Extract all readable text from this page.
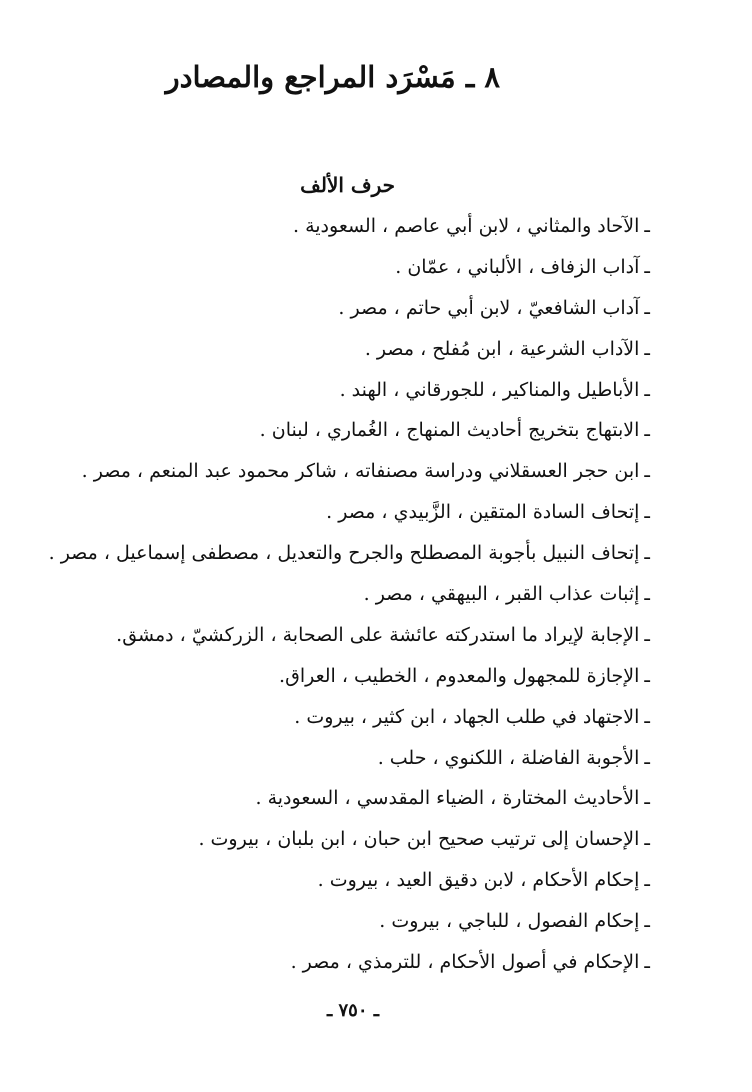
٨ ـ مَسْرَد المراجع والمصادر
حرف الألف
ـالآحاد والمثاني ، لابن أبي عاصم ، السعودية .
ـآداب الزفاف ، الألباني ، عمّان .
ـآداب الشافعيّ ، لابن أبي حاتم ، مصر .
ـالآداب الشرعية ، ابن مُفلح ، مصر .
ـالأباطيل والمناكير ، للجورقاني ، الهند .
ـالابتهاج بتخريج أحاديث المنهاج ، الغُماري ، لبنان .
ـابن حجر العسقلاني ودراسة مصنفاته ، شاكر محمود عبد المنعم ، مصر .
ـإتحاف السادة المتقين ، الزَّبيدي ، مصر .
ـإتحاف النبيل بأجوبة المصطلح والجرح والتعديل ، مصطفى إسماعيل ، مصر .
ـإثبات عذاب القبر ، البيهقي ، مصر .
ـالإجابة لإيراد ما استدركته عائشة على الصحابة ، الزركشيّ ، دمشق.
ـالإجازة للمجهول والمعدوم ، الخطيب ، العراق.
ـالاجتهاد في طلب الجهاد ، ابن كثير ، بيروت .
ـالأجوبة الفاضلة ، اللكنوي ، حلب .
ـالأحاديث المختارة ، الضياء المقدسي ، السعودية .
ـالإحسان إلى ترتيب صحيح ابن حبان ، ابن بلبان ، بيروت .
ـإحكام الأحكام ، لابن دقيق العيد ، بيروت .
ـإحكام الفصول ، للباجي ، بيروت .
ـالإحكام في أصول الأحكام ، للترمذي ، مصر .
ـ ٧٥٠ ـ
